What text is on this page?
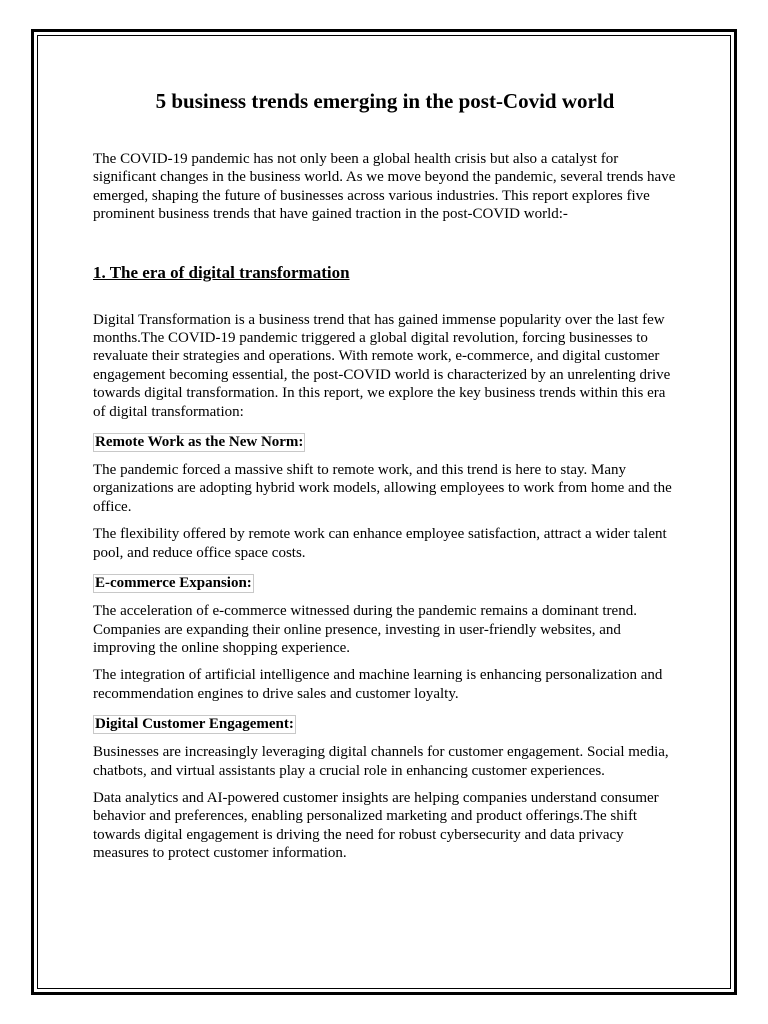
5 business trends emerging in the post-Covid world

The COVID-19 pandemic has not only been a global health crisis but also a catalyst for significant changes in the business world. As we move beyond the pandemic, several trends have emerged, shaping the future of businesses across various industries. This report explores five prominent business trends that have gained traction in the post-COVID world:-

1. The era of digital transformation

Digital Transformation is a business trend that has gained immense popularity over the last few months.The COVID-19 pandemic triggered a global digital revolution, forcing businesses to revaluate their strategies and operations. With remote work, e-commerce, and digital customer engagement becoming essential, the post-COVID world is characterized by an unrelenting drive towards digital transformation. In this report, we explore the key business trends within this era of digital transformation:

Remote Work as the New Norm:

The pandemic forced a massive shift to remote work, and this trend is here to stay. Many organizations are adopting hybrid work models, allowing employees to work from home and the office.

The flexibility offered by remote work can enhance employee satisfaction, attract a wider talent pool, and reduce office space costs.

E-commerce Expansion:

The acceleration of e-commerce witnessed during the pandemic remains a dominant trend. Companies are expanding their online presence, investing in user-friendly websites, and improving the online shopping experience.

The integration of artificial intelligence and machine learning is enhancing personalization and recommendation engines to drive sales and customer loyalty.

Digital Customer Engagement:

Businesses are increasingly leveraging digital channels for customer engagement. Social media, chatbots, and virtual assistants play a crucial role in enhancing customer experiences.

Data analytics and AI-powered customer insights are helping companies understand consumer behavior and preferences, enabling personalized marketing and product offerings.The shift towards digital engagement is driving the need for robust cybersecurity and data privacy measures to protect customer information.
